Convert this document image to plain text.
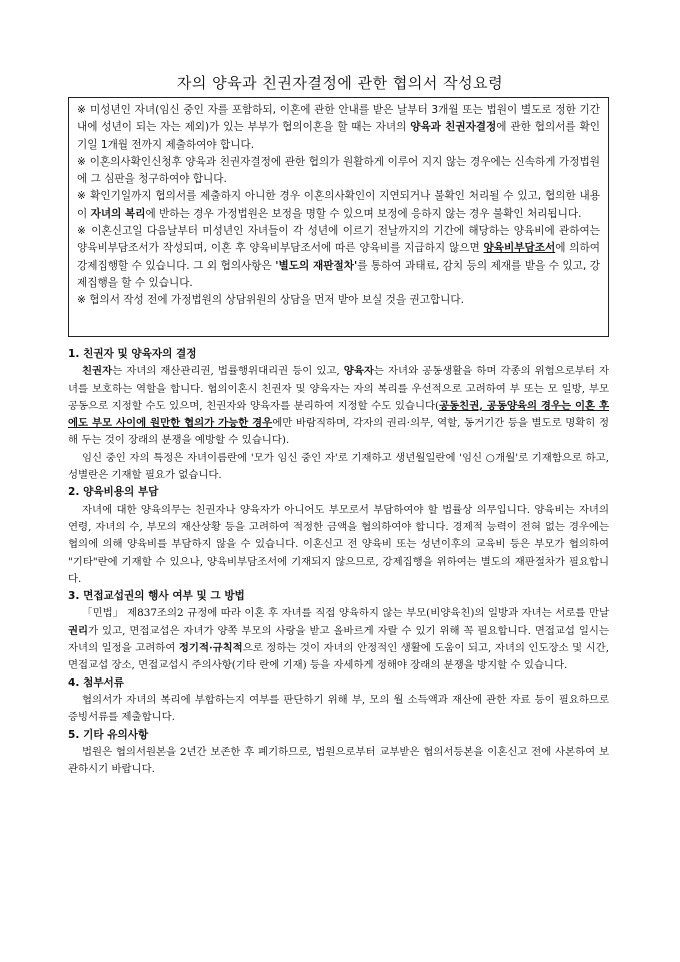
자의 양육과 친권자결정에 관한 협의서 작성요령

※ 미성년인 자녀(임신 중인 자를 포함하되, 이혼에 관한 안내를 받은 날부터 3개월 또는 법원이 별도로 정한 기간 내에 성년이 되는 자는 제외)가 있는 부부가 협의이혼을 할 때는 자녀의 양육과 친권자결정에 관한 협의서를 확인기일 1개월 전까지 제출하여야 합니다.

※ 이혼의사확인신청후 양육과 친권자결정에 관한 협의가 원활하게 이루어 지지 않는 경우에는 신속하게 가정법원에 그 심판을 청구하여야 합니다.

※ 확인기일까지 협의서를 제출하지 아니한 경우 이혼의사확인이 지연되거나 불확인 처리될 수 있고, 협의한 내용이 자녀의 복리에 반하는 경우 가정법원은 보정을 명할 수 있으며 보정에 응하지 않는 경우 불확인 처리됩니다.

※ 이혼신고일 다음날부터 미성년인 자녀들이 각 성년에 이르기 전날까지의 기간에 해당하는 양육비에 관하여는 양육비부담조서가 작성되며, 이혼 후 양육비부담조서에 따른 양육비를 지급하지 않으면 양육비부담조서에 의하여 강제집행할 수 있습니다. 그 외 협의사항은 '별도의 재판절차'를 통하여 과태료, 감치 등의 제재를 받을 수 있고, 강제집행을 할 수 있습니다.

※ 협의서 작성 전에 가정법원의 상담위원의 상담을 먼저 받아 보실 것을 권고합니다.

1. 친권자 및 양육자의 결정

친권자는 자녀의 재산관리권, 법률행위대리권 등이 있고, 양육자는 자녀와 공동생활을 하며 각종의 위험으로부터 자녀를 보호하는 역할을 합니다. 협의이혼시 친권자 및 양육자는 자의 복리를 우선적으로 고려하여 부 또는 모 일방, 부모 공동으로 지정할 수도 있으며, 친권자와 양육자를 분리하여 지정할 수도 있습니다(공동친권, 공동양육의 경우는 이혼 후에도 부모 사이에 원만한 협의가 가능한 경우에만 바람직하며, 각자의 권리·의무, 역할, 동거기간 등을 별도로 명확히 정해 두는 것이 장래의 분쟁을 예방할 수 있습니다).

임신 중인 자의 특정은 자녀이름란에 '모가 임신 중인 자'로 기재하고 생년월일란에 '임신 ○개월'로 기재함으로 하고, 성별란은 기재할 필요가 없습니다.

2. 양육비용의 부담

자녀에 대한 양육의무는 친권자나 양육자가 아니어도 부모로서 부담하여야 할 법률상 의무입니다. 양육비는 자녀의 연령, 자녀의 수, 부모의 재산상황 등을 고려하여 적정한 금액을 협의하여야 합니다. 경제적 능력이 전혀 없는 경우에는 협의에 의해 양육비를 부담하지 않을 수 있습니다. 이혼신고 전 양육비 또는 성년이후의 교육비 등은 부모가 협의하여 "기타"란에 기재할 수 있으나, 양육비부담조서에 기재되지 않으므로, 강제집행을 위하여는 별도의 재판절차가 필요합니다.

3. 면접교섭권의 행사 여부 및 그 방법

「민법」 제837조의2 규정에 따라 이혼 후 자녀를 직접 양육하지 않는 부모(비양육친)의 일방과 자녀는 서로를 만날 권리가 있고, 면접교섭은 자녀가 양쪽 부모의 사랑을 받고 올바르게 자랄 수 있기 위해 꼭 필요합니다. 면접교섭 일시는 자녀의 일정을 고려하여 정기적·규칙적으로 정하는 것이 자녀의 안정적인 생활에 도움이 되고, 자녀의 인도장소 및 시간, 면접교섭 장소, 면접교섭시 주의사항(기타 란에 기재) 등을 자세하게 정해야 장래의 분쟁을 방지할 수 있습니다.

4. 첨부서류

협의서가 자녀의 복리에 부합하는지 여부를 판단하기 위해 부, 모의 월 소득액과 재산에 관한 자료 등이 필요하므로 증빙서류를 제출합니다.

5. 기타 유의사항

법원은 협의서원본을 2년간 보존한 후 폐기하므로, 법원으로부터 교부받은 협의서등본을 이혼신고 전에 사본하여 보관하시기 바랍니다.
